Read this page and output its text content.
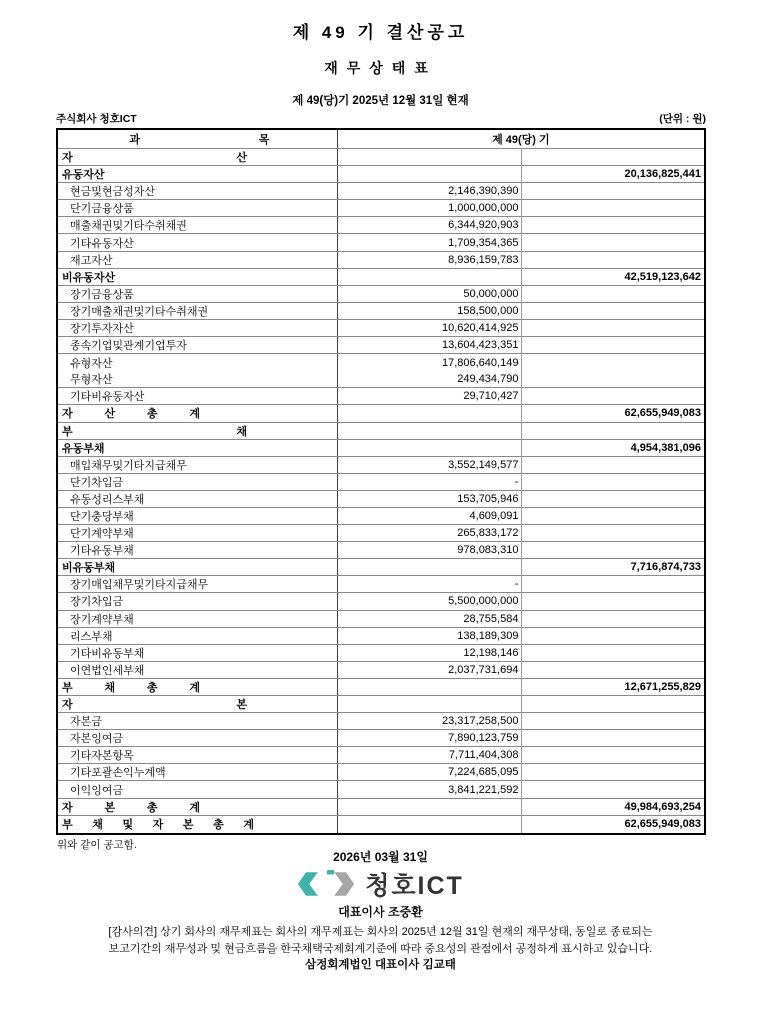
제 49 기 결산공고
재무상태표
제 49(당)기 2025년 12월 31일 현재
주식회사 청호ICT	(단위 : 원)
과	목	제 49(당) 기
자	산
유동자산	20,136,825,441
현금및현금성자산	2,146,390,390
단기금융상품	1,000,000,000
매출채권및기타수취채권	6,344,920,903
기타유동자산	1,709,354,365
재고자산	8,936,159,783
비유동자산	42,519,123,642
장기금융상품	50,000,000
장기매출채권및기타수취채권	158,500,000
장기투자자산	10,620,414,925
종속기업및관계기업투자	13,604,423,351
유형자산	17,806,640,149
무형자산	249,434,790
기타비유동자산	29,710,427
자	산	총	계	62,655,949,083
부	채
유동부채	4,954,381,096
매입채무및기타지급채무	3,552,149,577
단기차입금	-
유동성리스부채	153,705,946
단기충당부채	4,609,091
단기계약부채	265,833,172
기타유동부채	978,083,310
비유동부채	7,716,874,733
장기매입채무및기타지급채무	-
장기차입금	5,500,000,000
장기계약부채	28,755,584
리스부채	138,189,309
기타비유동부채	12,198,146
이연법인세부채	2,037,731,694
부	채	총	계	12,671,255,829
자	본
자본금	23,317,258,500
자본잉여금	7,890,123,759
기타자본항목	7,711,404,308
기타포괄손익누계액	7,224,685,095
이익잉여금	3,841,221,592
자	본	총	계	49,984,693,254
부 채 및 자 본 총 계	62,655,949,083
위와 같이 공고함.
2026년 03월 31일
청호ICT
대표이사 조중환
[감사의견] 상기 회사의 재무제표는 회사의 재무제표는 회사의 2025년 12월 31일 현재의 재무상태, 동일로 종료되는
보고기간의 재무성과 및 현금흐름을 한국채택국제회계기준에 따라 중요성의 관점에서 공정하게 표시하고 있습니다.
삼정회계법인 대표이사 김교태
